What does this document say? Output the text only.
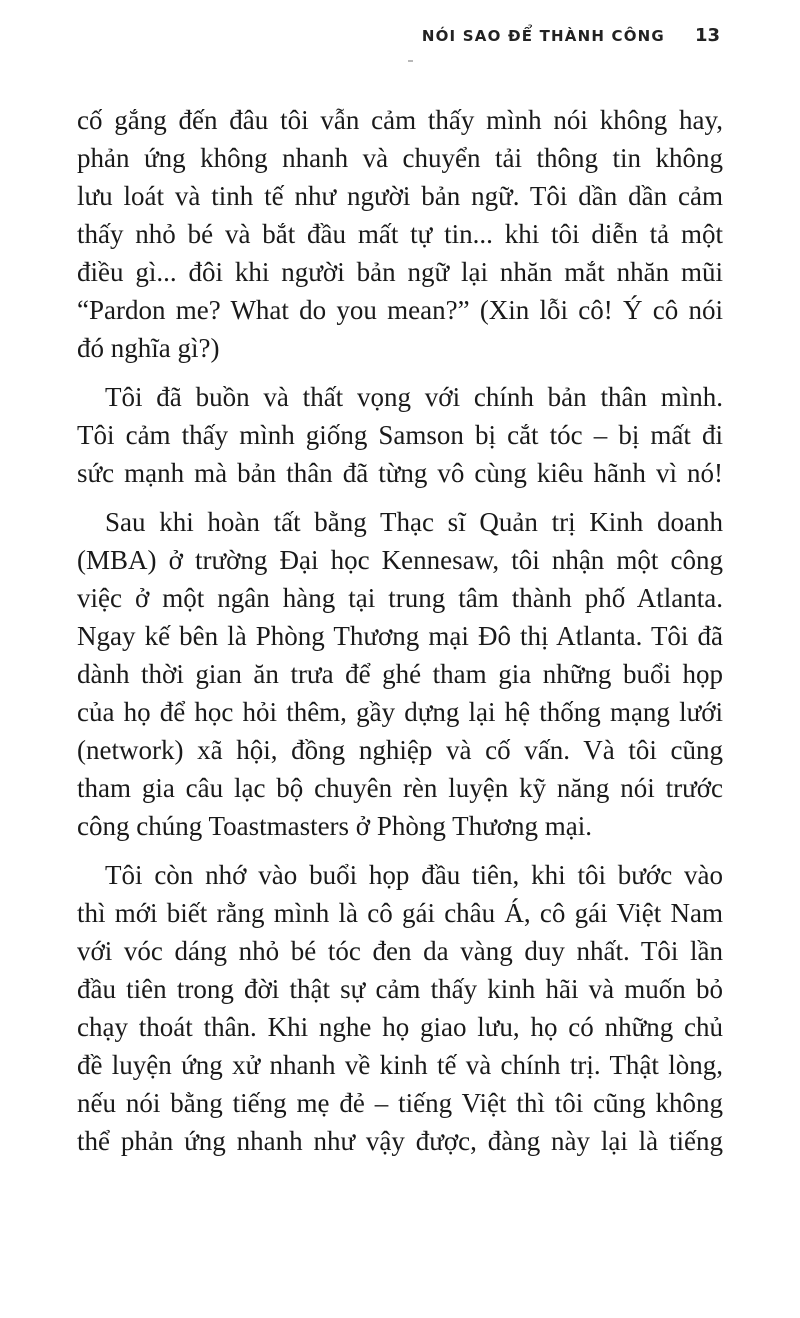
NÓI SAO ĐỂ THÀNH CÔNG 13

cố gắng đến đâu tôi vẫn cảm thấy mình nói không hay,
phản ứng không nhanh và chuyển tải thông tin không
lưu loát và tinh tế như người bản ngữ. Tôi dần dần cảm
thấy nhỏ bé và bắt đầu mất tự tin... khi tôi diễn tả một
điều gì... đôi khi người bản ngữ lại nhăn mắt nhăn mũi
“Pardon me? What do you mean?” (Xin lỗi cô! Ý cô nói
đó nghĩa gì?)

Tôi đã buồn và thất vọng với chính bản thân mình.
Tôi cảm thấy mình giống Samson bị cắt tóc – bị mất đi
sức mạnh mà bản thân đã từng vô cùng kiêu hãnh vì nó!

Sau khi hoàn tất bằng Thạc sĩ Quản trị Kinh doanh
(MBA) ở trường Đại học Kennesaw, tôi nhận một công
việc ở một ngân hàng tại trung tâm thành phố Atlanta.
Ngay kế bên là Phòng Thương mại Đô thị Atlanta. Tôi đã
dành thời gian ăn trưa để ghé tham gia những buổi họp
của họ để học hỏi thêm, gầy dựng lại hệ thống mạng lưới
(network) xã hội, đồng nghiệp và cố vấn. Và tôi cũng
tham gia câu lạc bộ chuyên rèn luyện kỹ năng nói trước
công chúng Toastmasters ở Phòng Thương mại.

Tôi còn nhớ vào buổi họp đầu tiên, khi tôi bước vào
thì mới biết rằng mình là cô gái châu Á, cô gái Việt Nam
với vóc dáng nhỏ bé tóc đen da vàng duy nhất. Tôi lần
đầu tiên trong đời thật sự cảm thấy kinh hãi và muốn bỏ
chạy thoát thân. Khi nghe họ giao lưu, họ có những chủ
đề luyện ứng xử nhanh về kinh tế và chính trị. Thật lòng,
nếu nói bằng tiếng mẹ đẻ – tiếng Việt thì tôi cũng không
thể phản ứng nhanh như vậy được, đàng này lại là tiếng
